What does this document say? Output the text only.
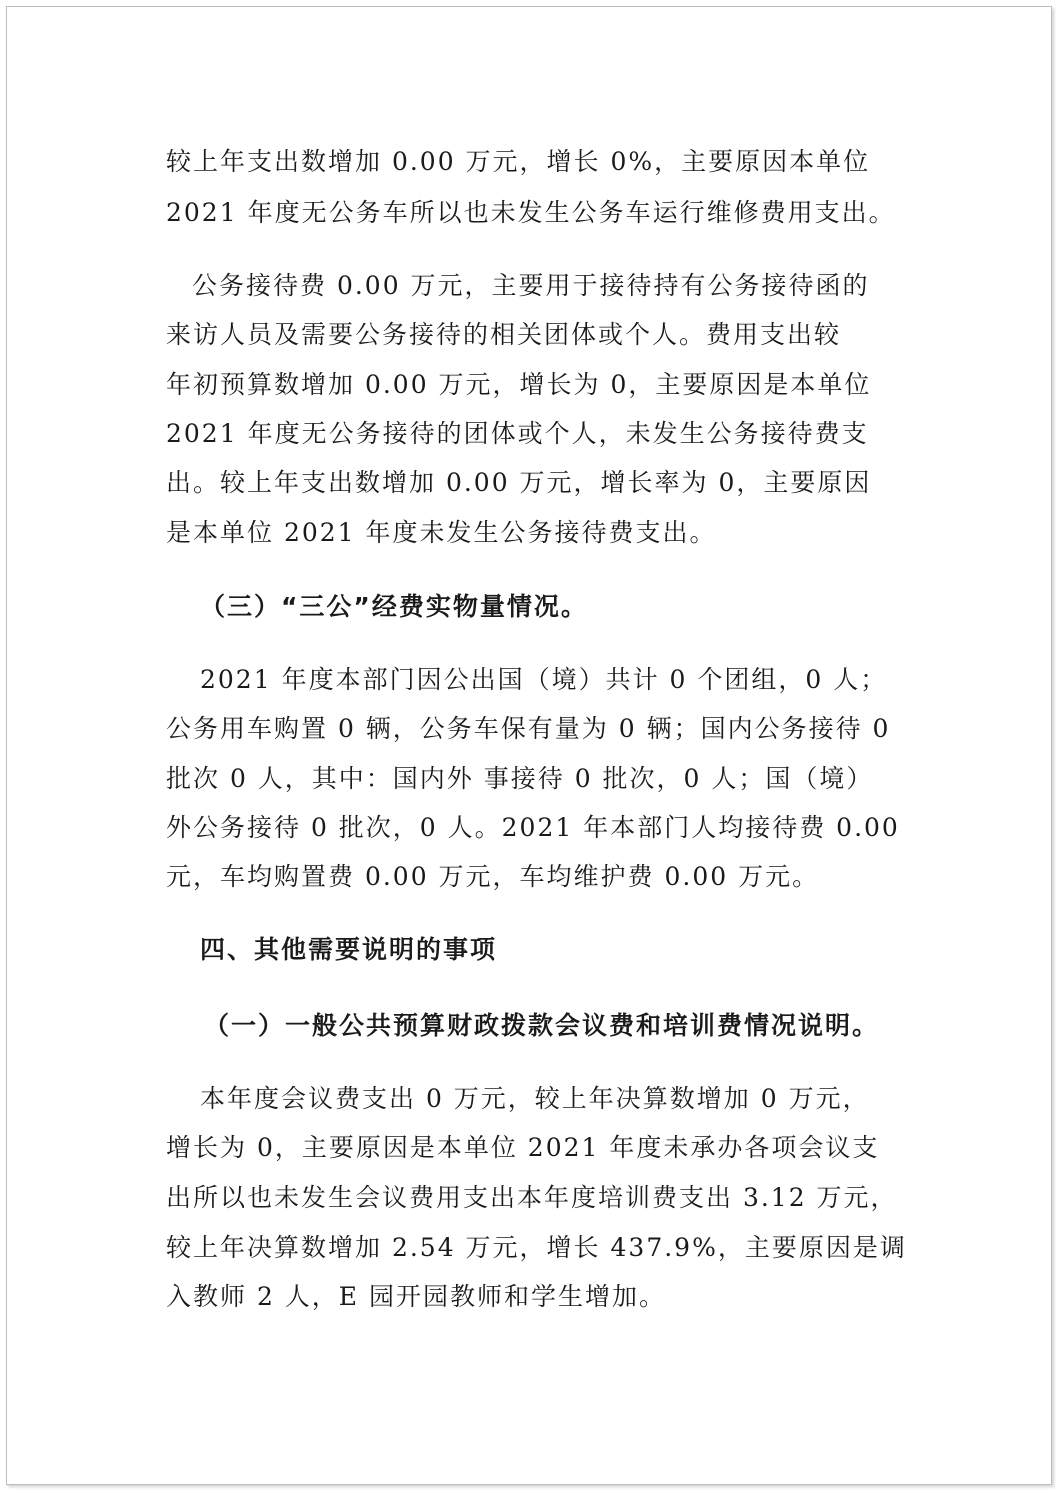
较上年支出数增加 0.00 万元，增长 0%，主要原因本单位
2021 年度无公务车所以也未发生公务车运行维修费用支出。
公务接待费 0.00 万元，主要用于接待持有公务接待函的
来访人员及需要公务接待的相关团体或个人。费用支出较
年初预算数增加 0.00 万元，增长为 0，主要原因是本单位
2021 年度无公务接待的团体或个人，未发生公务接待费支
出。较上年支出数增加 0.00 万元，增长率为 0，主要原因
是本单位 2021 年度未发生公务接待费支出。
（三）“三公”经费实物量情况。
2021 年度本部门因公出国（境）共计 0 个团组，0 人；
公务用车购置 0 辆，公务车保有量为 0 辆；国内公务接待 0
批次 0 人，其中：国内外 事接待 0 批次，0 人；国（境）
外公务接待 0 批次，0 人。2021 年本部门人均接待费 0.00
元，车均购置费 0.00 万元，车均维护费 0.00 万元。
四、其他需要说明的事项
（一）一般公共预算财政拨款会议费和培训费情况说明。
本年度会议费支出 0 万元，较上年决算数增加 0 万元，
增长为 0，主要原因是本单位 2021 年度未承办各项会议支
出所以也未发生会议费用支出本年度培训费支出 3.12 万元，
较上年决算数增加 2.54 万元，增长 437.9%，主要原因是调
入教师 2 人，E 园开园教师和学生增加。
